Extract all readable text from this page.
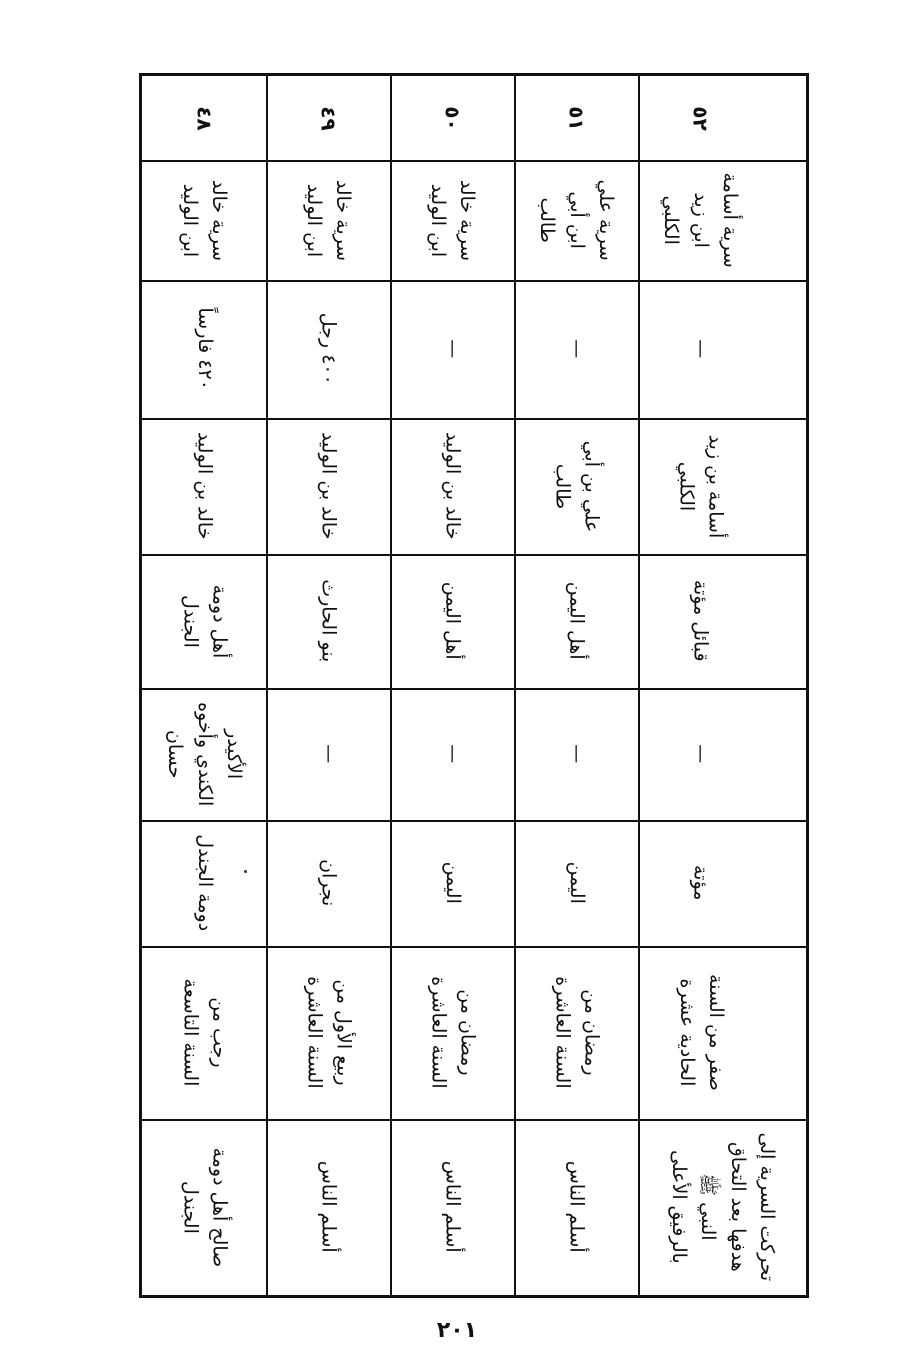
٤٨
سرية خالد
ابن الوليد
٤٢٠ فارساً
خالد بن الوليد
أهل دومة
الجندل
الأكيدر
الكندي وأخوه
حسان
دومة الجندل
رجب من
السنة التاسعة
صالح أهل دومة
الجندل
٤٩
سرية خالد
ابن الوليد
٤٠٠ رجل
خالد بن الوليد
بنو الحارث
—
نجران
ربيع الأول من
السنة العاشرة
أسلم الناس
٥٠
سرية خالد
ابن الوليد
—
خالد بن الوليد
أهل اليمن
—
اليمن
رمضان من
السنة العاشرة
أسلم الناس
٥١
سرية علي
ابن أبي
طالب
—
علي بن أبي
طالب
أهل اليمن
—
اليمن
رمضان من
السنة العاشرة
أسلم الناس
٥٢
سرية أسامة
ابن زيد
الكلبي
—
أسامة بن زيد
الكلبي
قبائل مؤتة
—
مؤتة
صفر من السنة
الحادية عشرة
تحركت السرية إلى
هدفها بعد التحاق
النبي ﷺ
بالرفيق الأعلى
٢٠١
